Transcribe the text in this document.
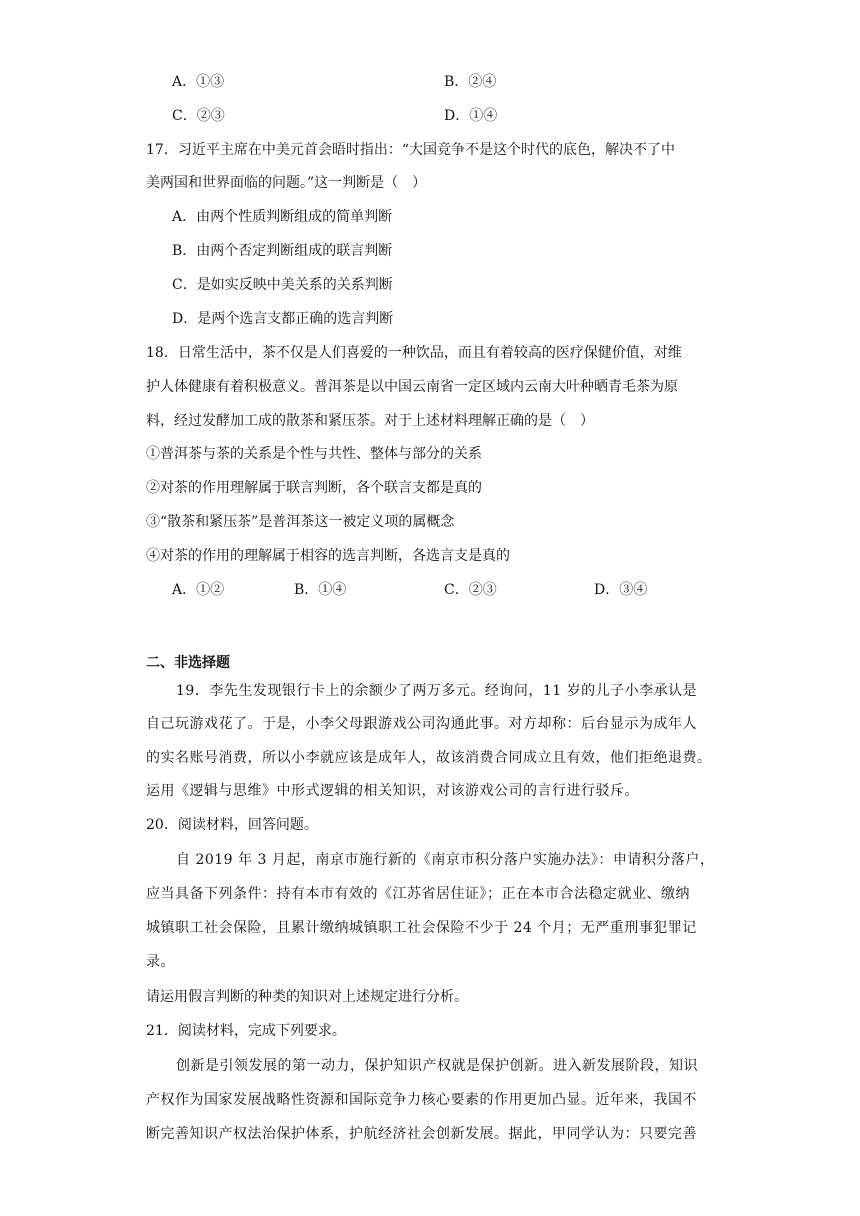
A．①③	B．②④
C．②③	D．①④
17．习近平主席在中美元首会晤时指出：“大国竞争不是这个时代的底色，解决不了中
美两国和世界面临的问题。”这一判断是（　）
A．由两个性质判断组成的简单判断
B．由两个否定判断组成的联言判断
C．是如实反映中美关系的关系判断
D．是两个选言支都正确的选言判断
18．日常生活中，茶不仅是人们喜爱的一种饮品，而且有着较高的医疗保健价值，对维
护人体健康有着积极意义。普洱茶是以中国云南省一定区域内云南大叶种晒青毛茶为原
料，经过发酵加工成的散茶和紧压茶。对于上述材料理解正确的是（　）
①普洱茶与茶的关系是个性与共性、整体与部分的关系
②对茶的作用理解属于联言判断，各个联言支都是真的
③“散茶和紧压茶”是普洱茶这一被定义项的属概念
④对茶的作用的理解属于相容的选言判断，各选言支是真的
A．①②	B．①④	C．②③	D．③④
二、非选择题
19．李先生发现银行卡上的余额少了两万多元。经询问，11 岁的儿子小李承认是
自己玩游戏花了。于是，小李父母跟游戏公司沟通此事。对方却称：后台显示为成年人
的实名账号消费，所以小李就应该是成年人，故该消费合同成立且有效，他们拒绝退费。
运用《逻辑与思维》中形式逻辑的相关知识，对该游戏公司的言行进行驳斥。
20．阅读材料，回答问题。
自 2019 年 3 月起，南京市施行新的《南京市积分落户实施办法》：申请积分落户，
应当具备下列条件：持有本市有效的《江苏省居住证》；正在本市合法稳定就业、缴纳
城镇职工社会保险，且累计缴纳城镇职工社会保险不少于 24 个月；无严重刑事犯罪记
录。
请运用假言判断的种类的知识对上述规定进行分析。
21．阅读材料，完成下列要求。
创新是引领发展的第一动力，保护知识产权就是保护创新。进入新发展阶段，知识
产权作为国家发展战略性资源和国际竞争力核心要素的作用更加凸显。近年来，我国不
断完善知识产权法治保护体系，护航经济社会创新发展。据此，甲同学认为：只要完善
